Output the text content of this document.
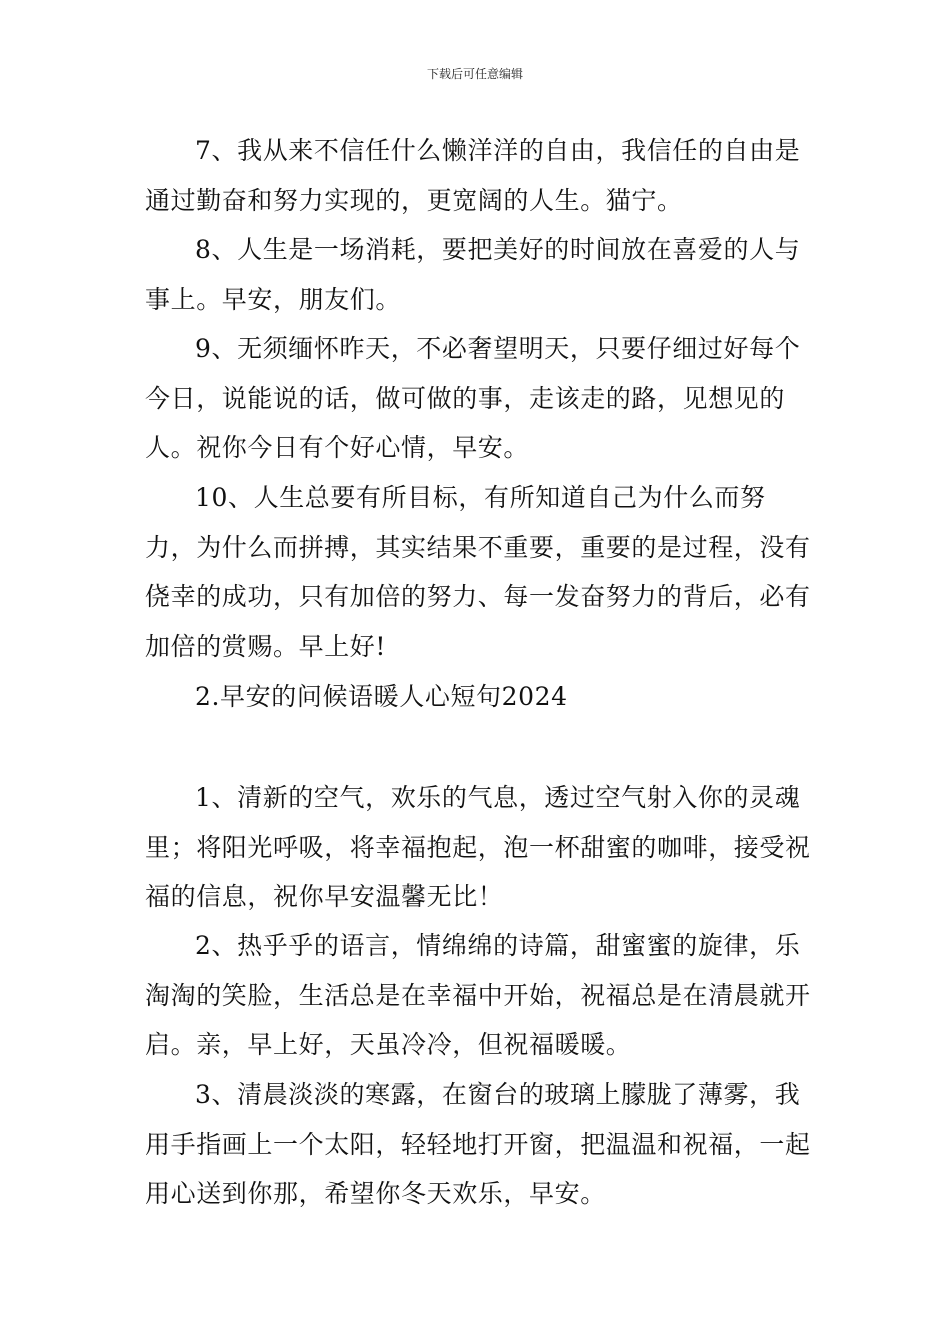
下载后可任意编辑

7、我从来不信任什么懒洋洋的自由，我信任的自由是通过勤奋和努力实现的，更宽阔的人生。猫宁。

8、人生是一场消耗，要把美好的时间放在喜爱的人与事上。早安，朋友们。

9、无须缅怀昨天，不必奢望明天，只要仔细过好每个今日，说能说的话，做可做的事，走该走的路，见想见的人。祝你今日有个好心情，早安。

10、人生总要有所目标，有所知道自己为什么而努力，为什么而拼搏，其实结果不重要，重要的是过程，没有侥幸的成功，只有加倍的努力、每一发奋努力的背后，必有加倍的赏赐。早上好!

2.早安的问候语暖人心短句2024

1、清新的空气，欢乐的气息，透过空气射入你的灵魂里；将阳光呼吸，将幸福抱起，泡一杯甜蜜的咖啡，接受祝福的信息，祝你早安温馨无比！

2、热乎乎的语言，情绵绵的诗篇，甜蜜蜜的旋律，乐淘淘的笑脸，生活总是在幸福中开始，祝福总是在清晨就开启。亲，早上好，天虽冷冷，但祝福暖暖。

3、清晨淡淡的寒露，在窗台的玻璃上朦胧了薄雾，我用手指画上一个太阳，轻轻地打开窗，把温温和祝福，一起用心送到你那，希望你冬天欢乐，早安。
